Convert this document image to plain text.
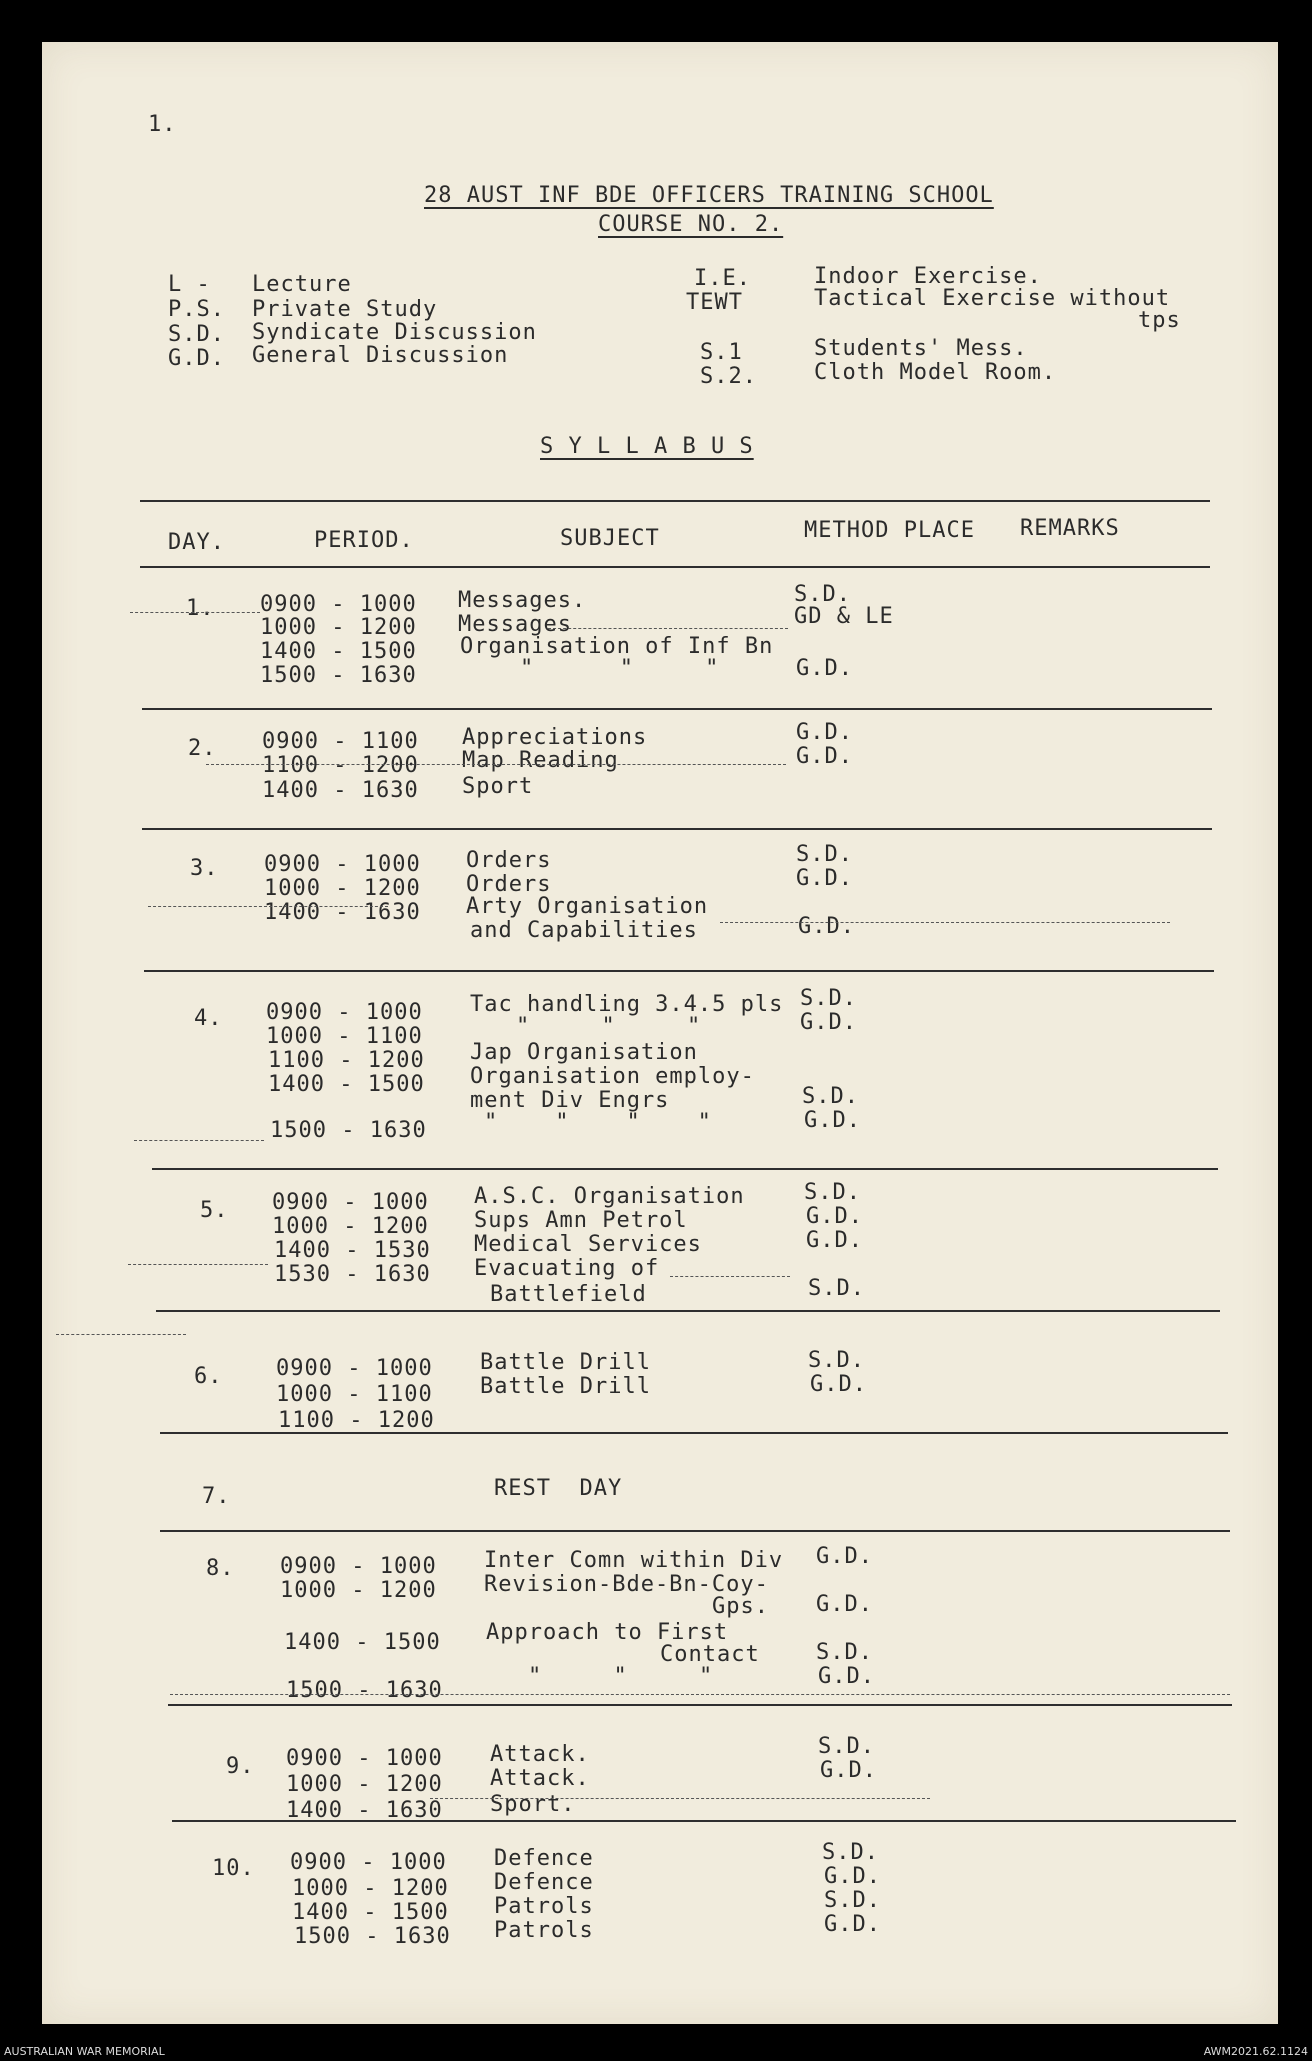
1.
28 AUST INF BDE OFFICERS TRAINING SCHOOL
COURSE NO. 2.
L - Lecture
P.S. Private Study
S.D. Syndicate Discussion
G.D. General Discussion
I.E.	Indoor Exercise.
TEWT	Tactical Exercise without
tps
S.1	Students' Mess.
S.2.	Cloth Model Room.
S Y L L A B U S
DAY.	PERIOD.	SUBJECT	METHOD PLACE REMARKS
1. 0900 - 1000 Messages.	S.D.
1000 - 1200 Messages	GD & LE
1400 - 1500 Organisation of Inf Bn
1500 - 1630	"      "     "	G.D.
2. 0900 - 1100 Appreciations	G.D.
1100 - 1200 Map Reading	G.D.
1400 - 1630 Sport
3. 0900 - 1000 Orders	S.D.
1000 - 1200 Orders	G.D.
1400 - 1630 Arty Organisation
and Capabilities	G.D.
4. 0900 - 1000 Tac handling 3.4.5 pls S.D.
1000 - 1100	"     "     "	G.D.
1100 - 1200 Jap Organisation
1400 - 1500 Organisation employ-
ment Div Engrs	S.D.
1500 - 1630	"    "    "    "	G.D.
5. 0900 - 1000 A.S.C. Organisation	S.D.
1000 - 1200 Sups Amn Petrol	G.D.
1400 - 1530 Medical Services	G.D.
1530 - 1630 Evacuating of
Battlefield	S.D.
6. 0900 - 1000 Battle Drill	S.D.
1000 - 1100 Battle Drill	G.D.
1100 - 1200
7.	REST  DAY
8. 0900 - 1000 Inter Comn within Div G.D.
1000 - 1200 Revision-Bde-Bn-Coy-
Gps. G.D.
1400 - 1500 Approach to First
Contact	S.D.
1500 - 1630
"     "     "	G.D.
9. 0900 - 1000 Attack.	S.D.
1000 - 1200 Attack.	G.D.
1400 - 1630 Sport.
10. 0900 - 1000 Defence	S.D.
1000 - 1200 Defence	G.D.
1400 - 1500 Patrols	S.D.
1500 - 1630 Patrols	G.D.
AUSTRALIAN WAR MEMORIAL	AWM2021.62.1124
